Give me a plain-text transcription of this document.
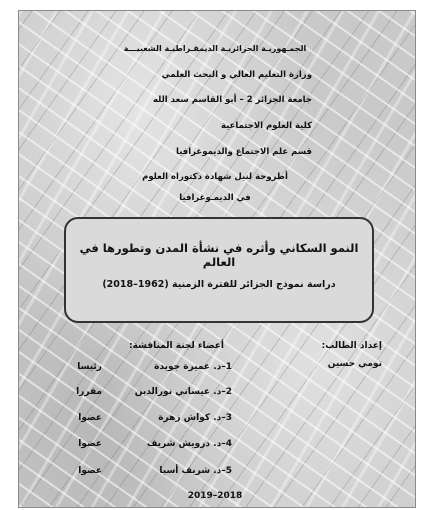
الجمـهوريـة الجزائريـة الديمقـراطيـة الشعبيـــة
وزارة التعليم العالي و البحث العلمي
جامعة الجزائر 2 – أبو القاسم سعد الله
كلية العلوم الاجتماعية
قسم علم الاجتماع والديموغرافيا
أطروحة لنيل شهادة دكتوراه العلوم
في الديمـوغرافيا
النمو السكاني وأثره في نشأة المدن وتطورها في العالم
دراسة نموذج الجزائر للفترة الزمنية (1962–2018)
إعداد الطالب:
تومي حسين
أعضاء لجنة المناقشة:
1–د. عميرة جويدة
رئيسا
2–د. عيساني نورالدين
مقررا
3–د. كواش زهرة
عضوا
4–د. درويش شريف
عضوا
5–د. شريف أسيا
عضوا
2019–2018
